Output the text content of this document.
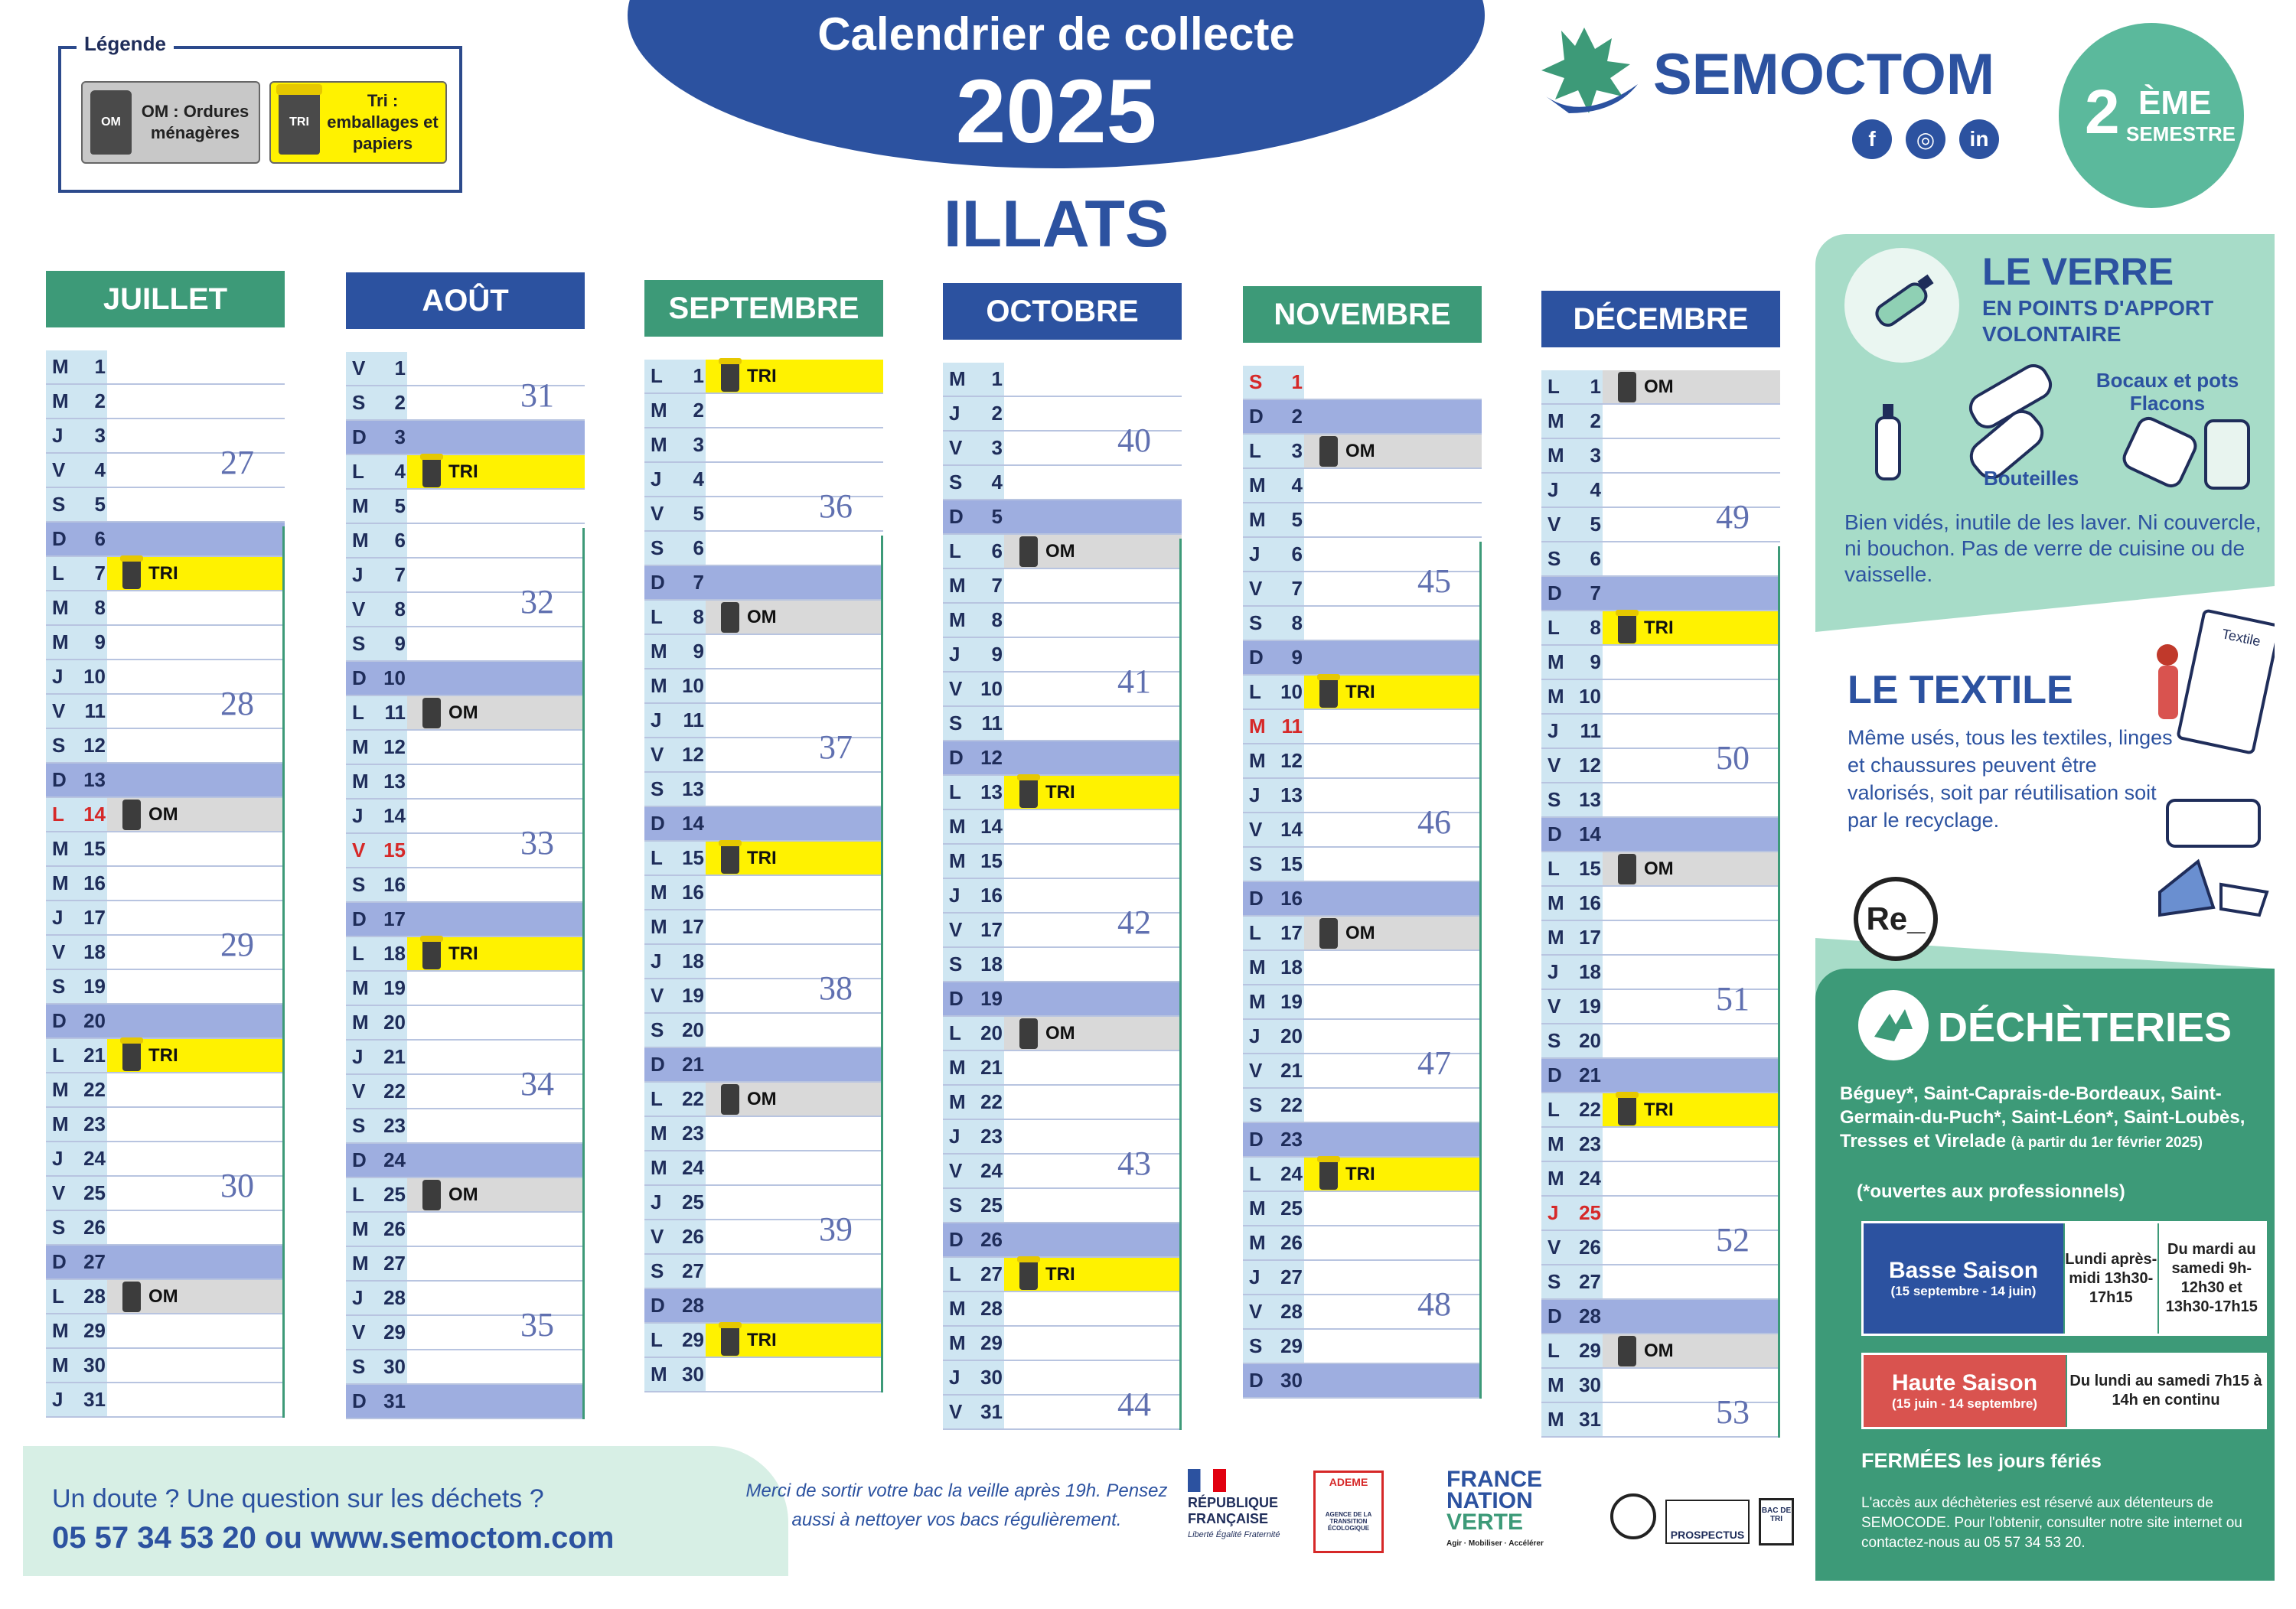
Légende
OM
OM : Ordures ménagères
TRI
Tri : emballages et papiers
Calendrier de collecte
2025
ILLATS
SEMOCTOM
f	◎	in 2 ÈME
SEMESTRE
JUILLET
M	1
M	2
J	3
V	4	27
S	5
D	6
L	7 TRI
M	8
M	9
J	10
V 11	28
S 12
D 13
L 14 OM
M 15
M 16
J	17
V 18	29
S 19
D 20
L 21 TRI
M 22
M 23
J	24
V 25	30
S 26
D 27
L 28 OM
M 29
M 30
J	31
AOÛT
V	1
S	2	31
D	3
L	4 TRI
M	5
M	6
J	7
V	8	32
S	9
D 10
L	11 OM
M 12
M 13
J	14
V 15	33
S 16
D 17
L 18 TRI
M 19
M 20
J	21
V 22	34
S 23
D 24
L 25 OM
M 26
M 27
J	28
V 29	35
S 30
D 31
SEPTEMBRE
L	1 TRI
M	2
M	3
J	4
V	5	36
S	6
D	7
L	8 OM
M	9
M 10
J	11
V 12	37
S 13
D 14
L 15 TRI
M 16
M 17
J	18
V 19	38
S 20
D 21
L 22 OM
M 23
M 24
J	25
V 26	39
S 27
D 28
L 29 TRI
M 30
OCTOBRE
M	1
J	2
V	3	40
S	4
D	5
L	6 OM
M	7
M	8
J	9
V 10	41
S 11
D 12
L 13 TRI
M 14
M 15
J	16
V 17	42
S 18
D 19
L 20 OM
M 21
M 22
J	23
V 24	43
S 25
D 26
L 27 TRI
M 28
M 29
J	30
V 31	44
NOVEMBRE
S	1
D	2
L	3 OM
M	4
M	5
J	6
V	7	45
S	8
D	9
L 10 TRI
M 11
M 12
J	13
V 14	46
S 15
D 16
L 17 OM
M 18
M 19
J	20
V 21	47
S 22
D 23
L 24 TRI
M 25
M 26
J	27
V 28	48
S 29
D 30
DÉCEMBRE
L	1 OM
M	2
M	3
J	4
V	5	49
S	6
D	7
L	8 TRI
M	9
M 10
J	11
V 12	50
S 13
D 14
L 15 OM
M 16
M 17
J	18
V 19	51
S 20
D 21
L 22 TRI
M 23
M 24
J	25
V 26	52
S 27
D 28
L 29 OM
M 30
M 31	53
LE VERRE
EN POINTS D'APPORT VOLONTAIRE
Bocaux et pots Flacons
Bouteilles
Bien vidés, inutile de les laver. Ni couvercle, ni bouchon. Pas de verre de cuisine ou de vaisselle.
LE TEXTILE
Même usés, tous les textiles, linges et chaussures peuvent être valorisés, soit par réutilisation soit par le recyclage.
Textile
Re_
DÉCHÈTERIES
Béguey*, Saint-Caprais-de-Bordeaux, Saint-Germain-du-Puch*, Saint-Léon*, Saint-Loubès, Tresses et Virelade (à partir du 1er février 2025)
(*ouvertes aux professionnels)
Basse Saison
(15 septembre - 14 juin)
Lundi après-midi 13h30-17h15
Du mardi au samedi 9h-12h30 et 13h30-17h15
Haute Saison
(15 juin - 14 septembre)
Du lundi au samedi 7h15 à 14h en continu
FERMÉES les jours fériés
L'accès aux déchèteries est réservé aux détenteurs de SEMOCODE. Pour l'obtenir, consulter notre site internet ou contactez-nous au 05 57 34 53 20.
Un doute ? Une question sur les déchets ?
05 57 34 53 20 ou www.semoctom.com
Merci de sortir votre bac la veille après 19h. Pensez aussi à nettoyer vos bacs régulièrement.
RÉPUBLIQUE FRANÇAISE
Liberté Égalité Fraternité
ADEME
AGENCE DE LA TRANSITION ÉCOLOGIQUE
FRANCE
NATION
VERTE
Agir · Mobiliser · Accélérer
PROSPECTUS
BAC DE TRI
